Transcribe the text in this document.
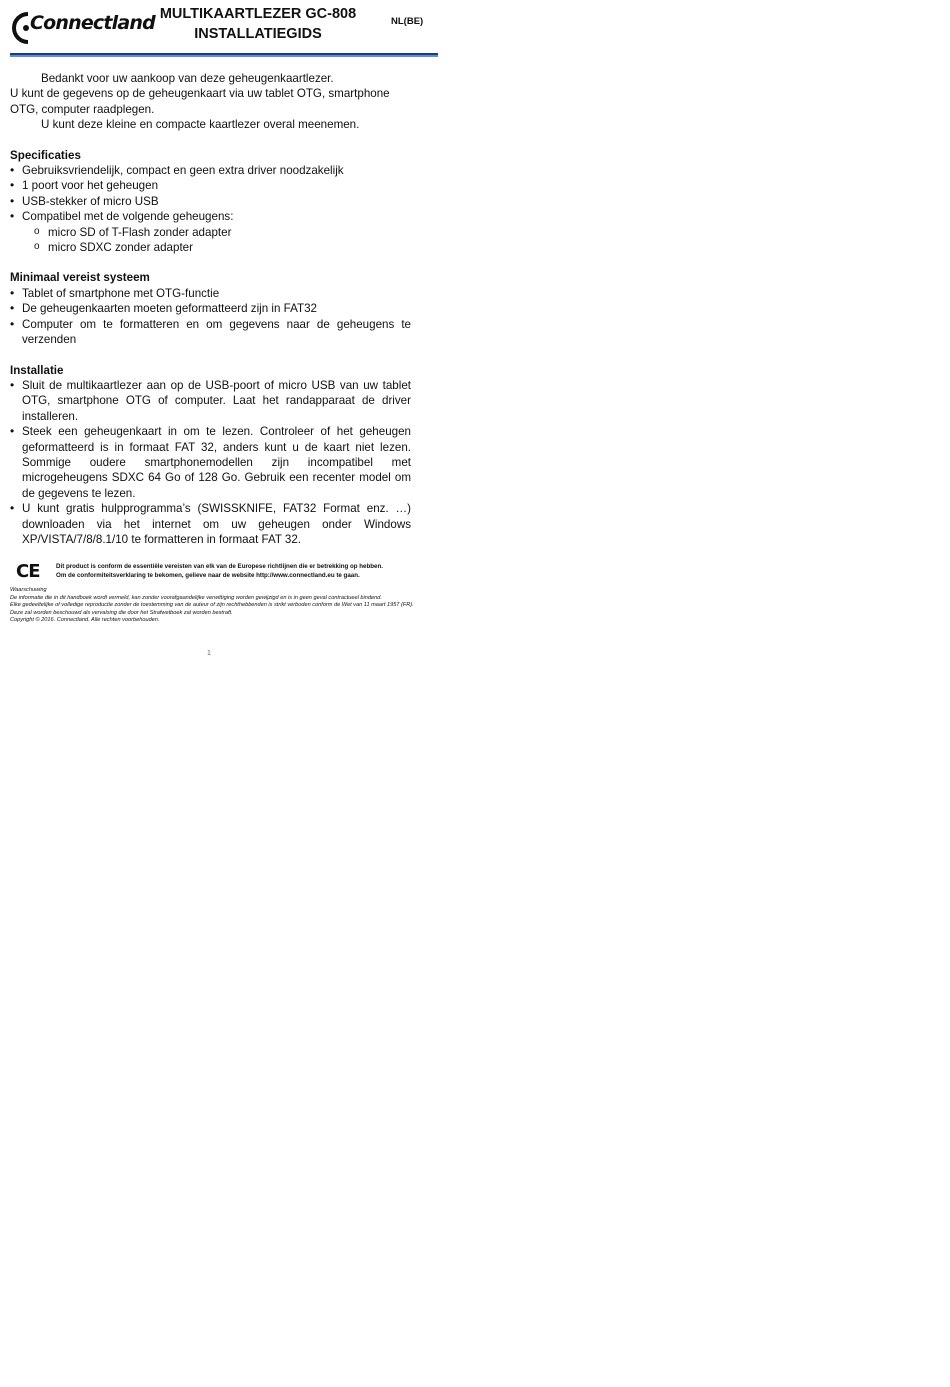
Connectland MULTIKAARTLEZER GC-808
INSTALLATIEGIDS
NL(BE)

Bedankt voor uw aankoop van deze geheugenkaartlezer.

U kunt de gegevens op de geheugenkaart via uw tablet OTG, smartphone OTG, computer raadplegen.

U kunt deze kleine en compacte kaartlezer overal meenemen.

Specificaties
• Gebruiksvriendelijk, compact en geen extra driver noodzakelijk
• 1 poort voor het geheugen
• USB-stekker of micro USB
• Compatibel met de volgende geheugens:
o micro SD of T-Flash zonder adapter
o micro SDXC zonder adapter
Minimaal vereist systeem
• Tablet of smartphone met OTG-functie
• De geheugenkaarten moeten geformatteerd zijn in FAT32
• Computer om te formatteren en om gegevens naar de geheugens te verzenden
Installatie
• Sluit de multikaartlezer aan op de USB-poort of micro USB van uw tablet OTG, smartphone OTG of computer. Laat het randapparaat de driver installeren.
• Steek een geheugenkaart in om te lezen. Controleer of het geheugen geformatteerd is in formaat FAT 32, anders kunt u de kaart niet lezen. Sommige oudere smartphonemodellen zijn incompatibel met microgeheugens SDXC 64 Go of 128 Go. Gebruik een recenter model om de gegevens te lezen.
• U kunt gratis hulpprogramma’s (SWISSKNIFE, FAT32 Format enz. …) downloaden via het internet om uw geheugen onder Windows XP/VISTA/7/8/8.1/10 te formatteren in formaat FAT 32.
CE	Dit product is conform de essentiële vereisten van elk van de Europese richtlijnen die er betrekking op hebben.
Om de conformiteitsverklaring te bekomen, gelieve naar de website http://www.connectland.eu te gaan.

Waarschuwing

De informatie die in dit handboek wordt vermeld, kan zonder voorafgaandelijke verwittiging worden gewijzigd en is in geen geval contractueel bindend.

Elke gedeeltelijke of volledige reproductie zonder de toestemming van de auteur of zijn rechthebbenden is strikt verboden conform de Wet van 11 maart 1957 (FR). Deze zal worden beschouwd als vervalsing die door het Strafwetboek zal worden bestraft.

Copyright © 2016. Connectland. Alle rechten voorbehouden.

1
